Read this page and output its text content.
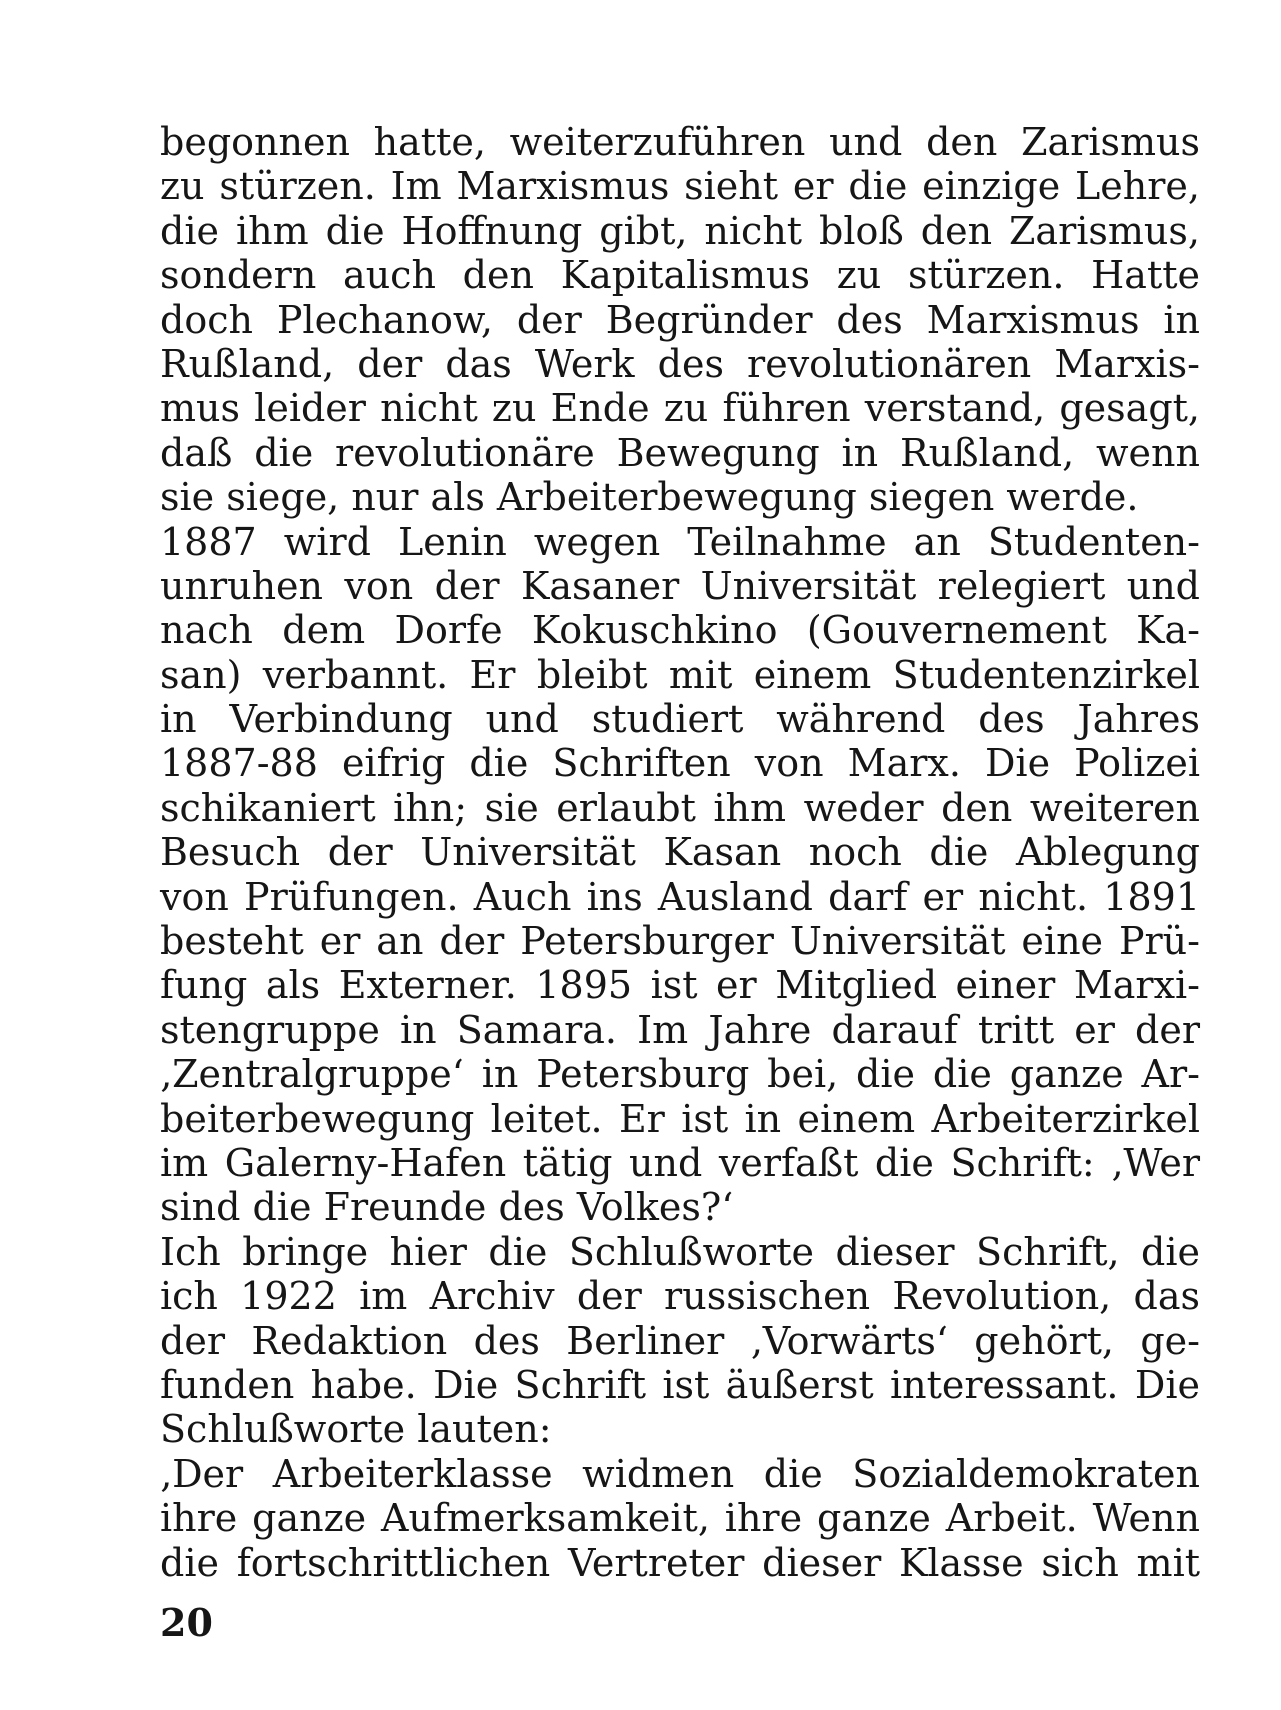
begonnen hatte, weiterzuführen und den Zarismus
zu stürzen. Im Marxismus sieht er die einzige Lehre,
die ihm die Hoffnung gibt, nicht bloß den Zarismus,
sondern auch den Kapitalismus zu stürzen. Hatte
doch Plechanow, der Begründer des Marxismus in
Rußland, der das Werk des revolutionären Marxis-
mus leider nicht zu Ende zu führen verstand, gesagt,
daß die revolutionäre Bewegung in Rußland, wenn
sie siege, nur als Arbeiterbewegung siegen werde.
1887 wird Lenin wegen Teilnahme an Studenten-
unruhen von der Kasaner Universität relegiert und
nach dem Dorfe Kokuschkino (Gouvernement Ka-
san) verbannt. Er bleibt mit einem Studentenzirkel
in Verbindung und studiert während des Jahres
1887-88 eifrig die Schriften von Marx. Die Polizei
schikaniert ihn; sie erlaubt ihm weder den weiteren
Besuch der Universität Kasan noch die Ablegung
von Prüfungen. Auch ins Ausland darf er nicht. 1891
besteht er an der Petersburger Universität eine Prü-
fung als Externer. 1895 ist er Mitglied einer Marxi-
stengruppe in Samara. Im Jahre darauf tritt er der
‚Zentralgruppe‘ in Petersburg bei, die die ganze Ar-
beiterbewegung leitet. Er ist in einem Arbeiterzirkel
im Galerny-Hafen tätig und verfaßt die Schrift: ‚Wer
sind die Freunde des Volkes?‘
Ich bringe hier die Schlußworte dieser Schrift, die
ich 1922 im Archiv der russischen Revolution, das
der Redaktion des Berliner ‚Vorwärts‘ gehört, ge-
funden habe. Die Schrift ist äußerst interessant. Die
Schlußworte lauten:
‚Der Arbeiterklasse widmen die Sozialdemokraten
ihre ganze Aufmerksamkeit, ihre ganze Arbeit. Wenn
die fortschrittlichen Vertreter dieser Klasse sich mit
20
